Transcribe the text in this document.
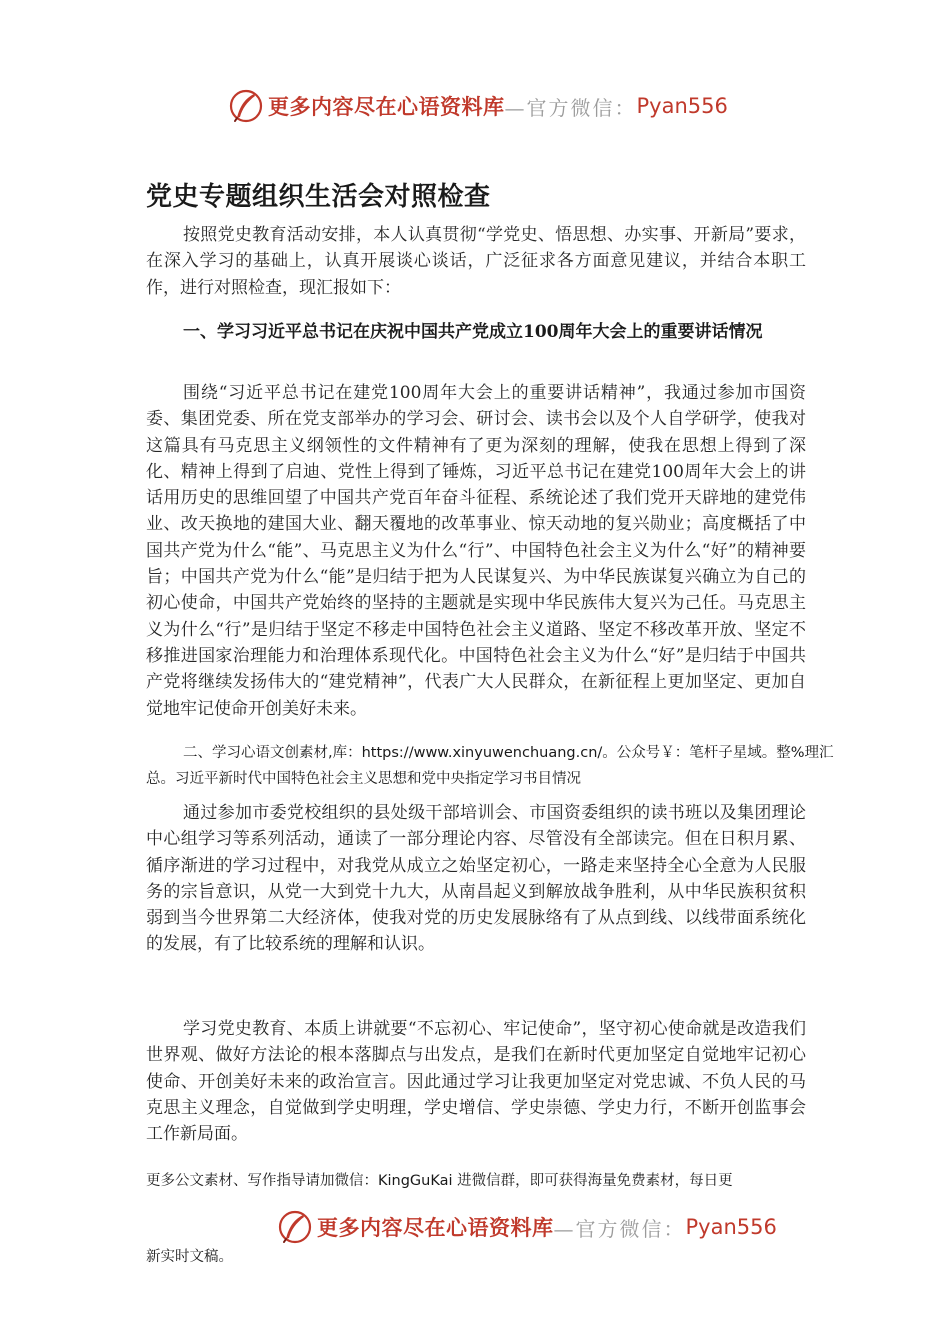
更多内容尽在心语资料库 —官方微信： Pyan556
党史专题组织生活会对照检查

按照党史教育活动安排，本人认真贯彻“学党史、悟思想、办实事、开新局”要求，在深入学习的基础上，认真开展谈心谈话，广泛征求各方面意见建议，并结合本职工作，进行对照检查，现汇报如下：

一、学习习近平总书记在庆祝中国共产党成立100周年大会上的重要讲话情况

围绕“习近平总书记在建党100周年大会上的重要讲话精神”，我通过参加市国资委、集团党委、所在党支部举办的学习会、研讨会、读书会以及个人自学研学，使我对这篇具有马克思主义纲领性的文件精神有了更为深刻的理解，使我在思想上得到了深化、精神上得到了启迪、党性上得到了锤炼，习近平总书记在建党100周年大会上的讲话用历史的思维回望了中国共产党百年奋斗征程、系统论述了我们党开天辟地的建党伟业、改天换地的建国大业、翻天覆地的改革事业、惊天动地的复兴勋业；高度概括了中国共产党为什么“能”、马克思主义为什么“行”、中国特色社会主义为什么“好”的精神要旨；中国共产党为什么“能”是归结于把为人民谋复兴、为中华民族谋复兴确立为自己的初心使命，中国共产党始终的坚持的主题就是实现中华民族伟大复兴为己任。马克思主义为什么“行”是归结于坚定不移走中国特色社会主义道路、坚定不移改革开放、坚定不移推进国家治理能力和治理体系现代化。中国特色社会主义为什么“好”是归结于中国共产党将继续发扬伟大的“建党精神”，代表广大人民群众，在新征程上更加坚定、更加自觉地牢记使命开创美好未来。

二、学习心语文创素材,库：https://www.xinyuwenchuang.cn/。公众号￥：笔杆子星域。整%理汇总。习近平新时代中国特色社会主义思想和党中央指定学习书目情况

通过参加市委党校组织的县处级干部培训会、市国资委组织的读书班以及集团理论中心组学习等系列活动，通读了一部分理论内容、尽管没有全部读完。但在日积月累、循序渐进的学习过程中，对我党从成立之始坚定初心，一路走来坚持全心全意为人民服务的宗旨意识，从党一大到党十九大，从南昌起义到解放战争胜利，从中华民族积贫积弱到当今世界第二大经济体，使我对党的历史发展脉络有了从点到线、以线带面系统化的发展，有了比较系统的理解和认识。

学习党史教育、本质上讲就要“不忘初心、牢记使命”，坚守初心使命就是改造我们世界观、做好方法论的根本落脚点与出发点，是我们在新时代更加坚定自觉地牢记初心使命、开创美好未来的政治宣言。因此通过学习让我更加坚定对党忠诚、不负人民的马克思主义理念，自觉做到学史明理，学史增信、学史崇德、学史力行，不断开创监事会工作新局面。

更多公文素材、写作指导请加微信：KingGuKai 进微信群，即可获得海量免费素材，每日更
更多内容尽在心语资料库 —官方微信： Pyan556
新实时文稿。
